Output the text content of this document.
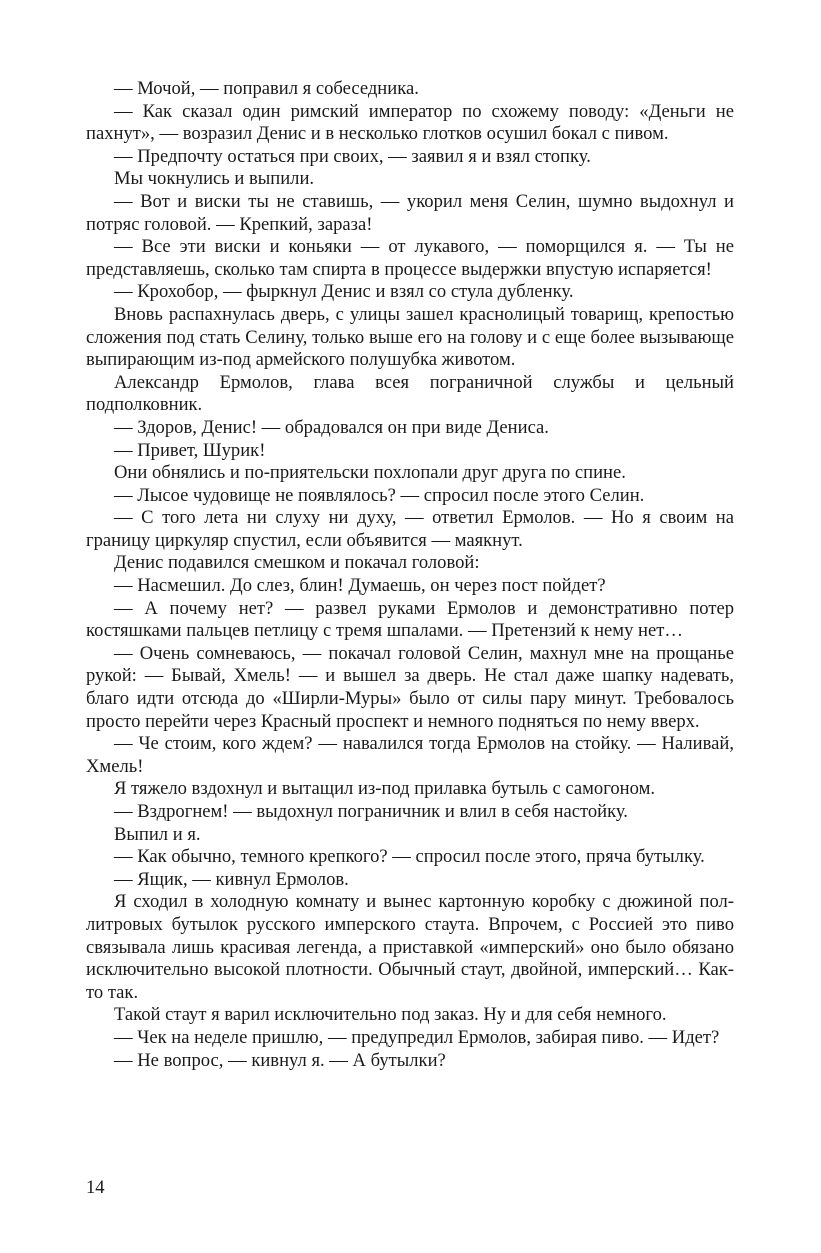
— Мочой, — поправил я собеседника.

— Как сказал один римский император по схожему поводу: «Деньги не пахнут», — возразил Денис и в несколько глотков осушил бокал с пивом.

— Предпочту остаться при своих, — заявил я и взял стопку.

Мы чокнулись и выпили.

— Вот и виски ты не ставишь, — укорил меня Селин, шумно выдохнул и потряс головой. — Крепкий, зараза!

— Все эти виски и коньяки — от лукавого, — поморщился я. — Ты не представляешь, сколько там спирта в процессе выдержки впустую испаряется!

— Крохобор, — фыркнул Денис и взял со стула дубленку.

Вновь распахнулась дверь, с улицы зашел краснолицый товарищ, крепостью сложения под стать Селину, только выше его на голову и с еще более вызывающе выпирающим из-под армейского полушубка животом.

Александр Ермолов, глава всея пограничной службы и цельный подполковник.

— Здоров, Денис! — обрадовался он при виде Дениса.

— Привет, Шурик!

Они обнялись и по-приятельски похлопали друг друга по спине.

— Лысое чудовище не появлялось? — спросил после этого Селин.

— С того лета ни слуху ни духу, — ответил Ермолов. — Но я своим на границу циркуляр спустил, если объявится — маякнут.

Денис подавился смешком и покачал головой:

— Насмешил. До слез, блин! Думаешь, он через пост пойдет?

— А почему нет? — развел руками Ермолов и демонстративно потер костяшками пальцев петлицу с тремя шпалами. — Претензий к нему нет…

— Очень сомневаюсь, — покачал головой Селин, махнул мне на прощанье рукой: — Бывай, Хмель! — и вышел за дверь. Не стал даже шапку надевать, благо идти отсюда до «Ширли-Муры» было от силы пару минут. Требовалось просто перейти через Красный проспект и немного подняться по нему вверх.

— Че стоим, кого ждем? — навалился тогда Ермолов на стойку. — Наливай, Хмель!

Я тяжело вздохнул и вытащил из-под прилавка бутыль с самогоном.

— Вздрогнем! — выдохнул пограничник и влил в себя настойку.

Выпил и я.

— Как обычно, темного крепкого? — спросил после этого, пряча бутылку.

— Ящик, — кивнул Ермолов.

Я сходил в холодную комнату и вынес картонную коробку с дюжиной пол-литровых бутылок русского имперского стаута. Впрочем, с Россией это пиво связывала лишь красивая легенда, а приставкой «имперский» оно было обязано исключительно высокой плотности. Обычный стаут, двойной, имперский… Как-то так.

Такой стаут я варил исключительно под заказ. Ну и для себя немного.

— Чек на неделе пришлю, — предупредил Ермолов, забирая пиво. — Идет?

— Не вопрос, — кивнул я. — А бутылки?

14
